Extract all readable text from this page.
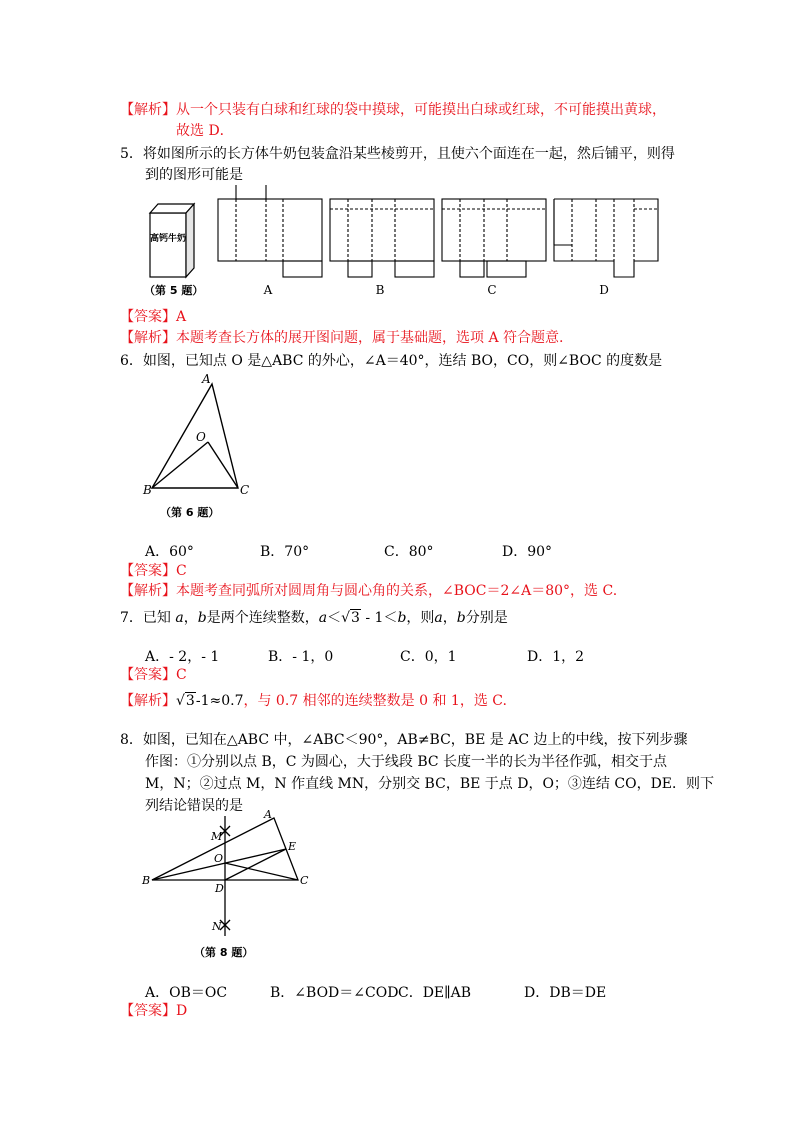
【解析】从一个只装有白球和红球的袋中摸球，可能摸出白球或红球，不可能摸出黄球，
故选 D．
5．将如图所示的长方体牛奶包装盒沿某些棱剪开，且使六个面连在一起，然后铺平，则得
到的图形可能是
高钙牛奶
A	B	C	D
（第 5 题）
【答案】A
【解析】本题考查长方体的展开图问题，属于基础题，选项 A 符合题意.
6．如图，已知点 O 是△ABC 的外心，∠A＝40°，连结 BO，CO，则∠BOC 的度数是
A
O
B	C
（第 6 题）
A．60°	B．70°	C．80°	D．90°
【答案】C
【解析】本题考查同弧所对圆周角与圆心角的关系，∠BOC＝2∠A＝80°，选 C.
7．已知 a，b是两个连续整数，a＜√3 - 1＜b，则a，b分别是
A．- 2，- 1	B．- 1，0	C．0，1	D．1，2
【答案】C
【解析】√3-1≈0.7，与 0.7 相邻的连续整数是 0 和 1，选 C.
8．如图，已知在△ABC 中，∠ABC＜90°，AB≠BC，BE 是 AC 边上的中线，按下列步骤
作图：①分别以点 B，C 为圆心，大于线段 BC 长度一半的长为半径作弧，相交于点
M，N；②过点 M，N 作直线 MN，分别交 BC，BE 于点 D，O；③连结 CO，DE．则下
列结论错误的是
A
M
E
O
B	C
D
N
（第 8 题）
A．OB＝OC	B．∠BOD＝∠COD C．DE∥AB	D．DB＝DE
【答案】D
